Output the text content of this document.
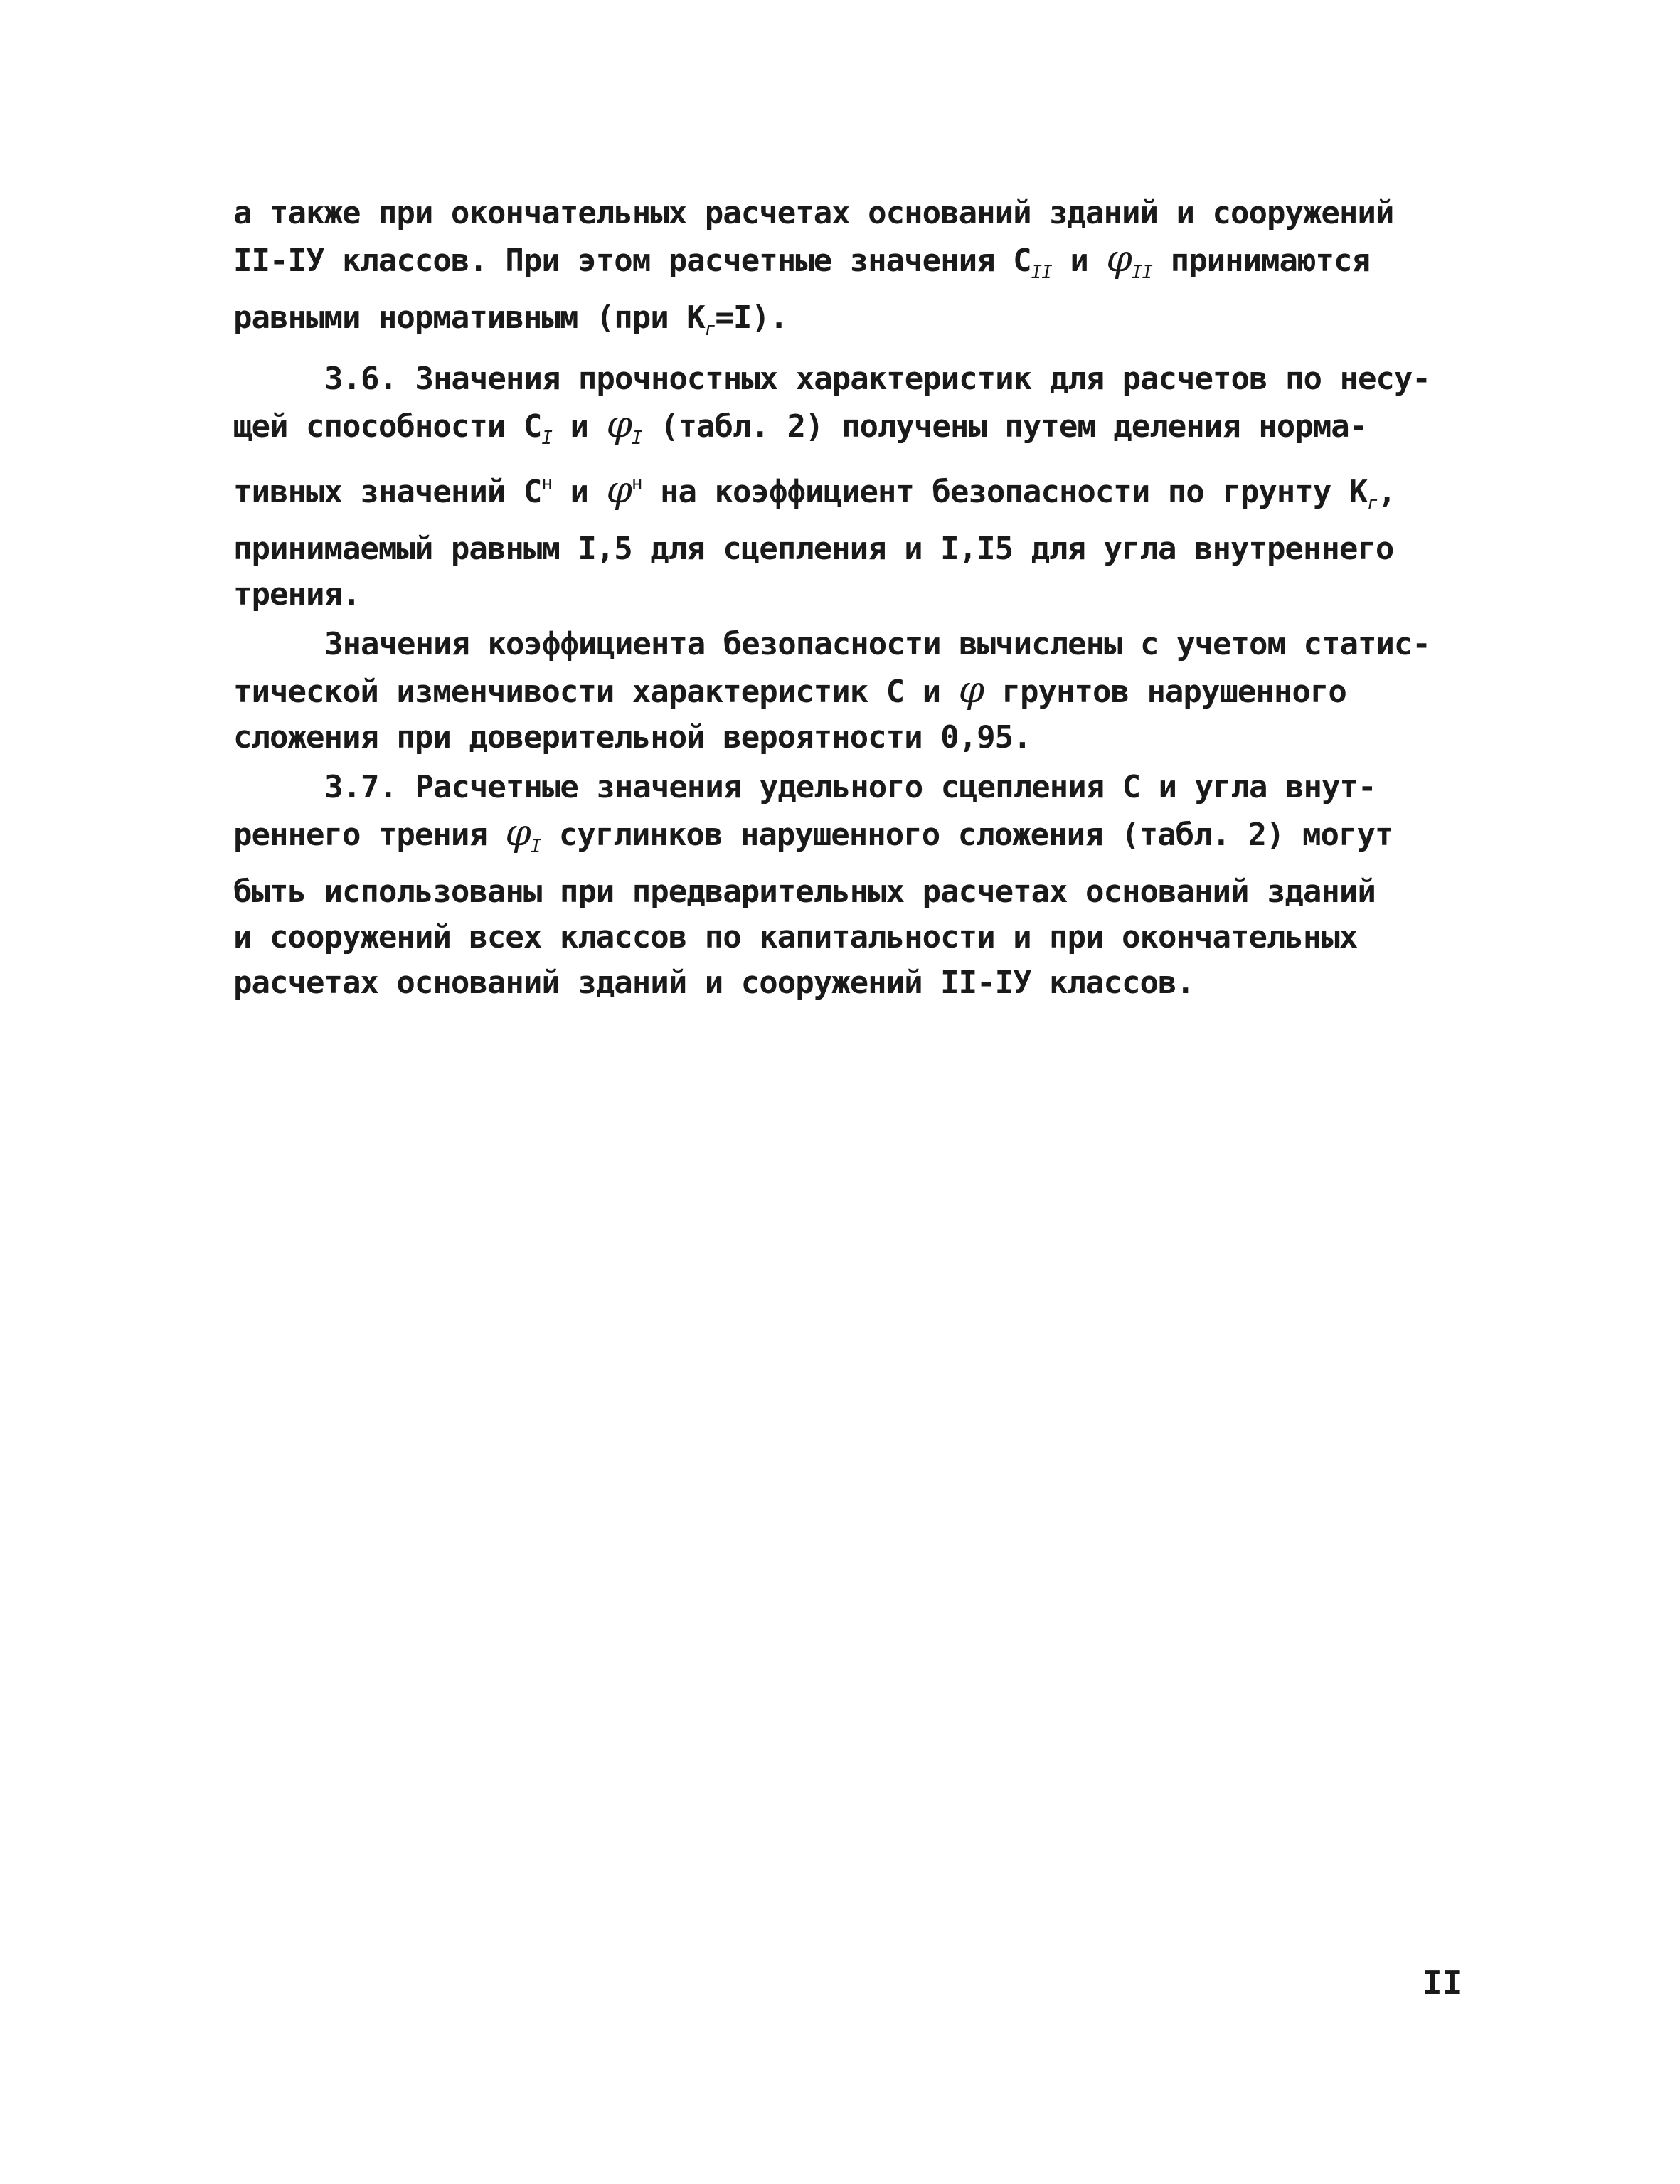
а также при окончательных расчетах оснований зданий и сооружений
II-IУ классов. При этом расчетные значения $С_{II}$ и $\varphi_{II}$ принимаются
равными нормативным (при $К_г=I$).
3.6. Значения прочностных характеристик для расчетов по несу-
щей способности $С_I$ и $\varphi_I$ (табл. 2) получены путем деления норма-
тивных значений $С^н$ и $\varphi^н$ на коэффициент безопасности по грунту $К_г$,
принимаемый равным I,5 для сцепления и I,I5 для угла внутреннего
трения.
Значения коэффициента безопасности вычислены с учетом статис-
тической изменчивости характеристик С и φ грунтов нарушенного
сложения при доверительной вероятности 0,95.
3.7. Расчетные значения удельного сцепления С и угла внут-
реннего трения $\varphi_I$ суглинков нарушенного сложения (табл. 2) могут
быть использованы при предварительных расчетах оснований зданий
и сооружений всех классов по капитальности и при окончательных
расчетах оснований зданий и сооружений II-IУ классов.
II
